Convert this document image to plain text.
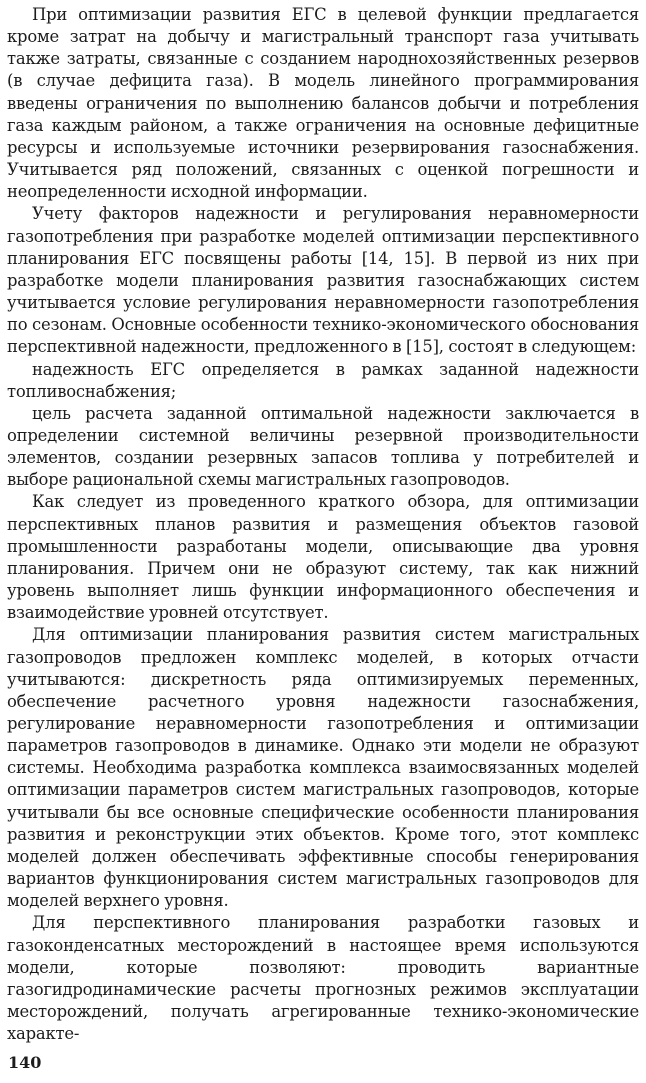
При оптимизации развития ЕГС в целевой функции предлагается кроме затрат на добычу и магистральный транспорт газа учитывать также затраты, связанные с созданием народнохозяйственных резервов (в случае дефицита газа). В модель линейного программирования введены ограничения по выполнению балансов добычи и потребления газа каждым районом, а также ограничения на основные дефицитные ресурсы и используемые источники резервирования газоснабжения. Учитывается ряд положений, связанных с оценкой погрешности и неопределенности исходной информации.

Учету факторов надежности и регулирования неравномерности газопотребления при разработке моделей оптимизации перспективного планирования ЕГС посвящены работы [14, 15]. В первой из них при разработке модели планирования развития газоснабжающих систем учитывается условие регулирования неравномерности газопотребления по сезонам. Основные особенности технико-экономического обоснования перспективной надежности, предложенного в [15], состоят в следующем:

надежность ЕГС определяется в рамках заданной надежности топливоснабжения;

цель расчета заданной оптимальной надежности заключается в определении системной величины резервной производительности элементов, создании резервных запасов топлива у потребителей и выборе рациональной схемы магистральных газопроводов.

Как следует из проведенного краткого обзора, для оптимизации перспективных планов развития и размещения объектов газовой промышленности разработаны модели, описывающие два уровня планирования. Причем они не образуют систему, так как нижний уровень выполняет лишь функции информационного обеспечения и взаимодействие уровней отсутствует.

Для оптимизации планирования развития систем магистральных газопроводов предложен комплекс моделей, в которых отчасти учитываются: дискретность ряда оптимизируемых переменных, обеспечение расчетного уровня надежности газоснабжения, регулирование неравномерности газопотребления и оптимизации параметров газопроводов в динамике. Однако эти модели не образуют системы. Необходима разработка комплекса взаимосвязанных моделей оптимизации параметров систем магистральных газопроводов, которые учитывали бы все основные специфические особенности планирования развития и реконструкции этих объектов. Кроме того, этот комплекс моделей должен обеспечивать эффективные способы генерирования вариантов функционирования систем магистральных газопроводов для моделей верхнего уровня.

Для перспективного планирования разработки газовых и газоконденсатных месторождений в настоящее время используются модели, которые позволяют: проводить вариантные газогидродинамические расчеты прогнозных режимов эксплуатации месторождений, получать агрегированные технико-экономические характе-

140
